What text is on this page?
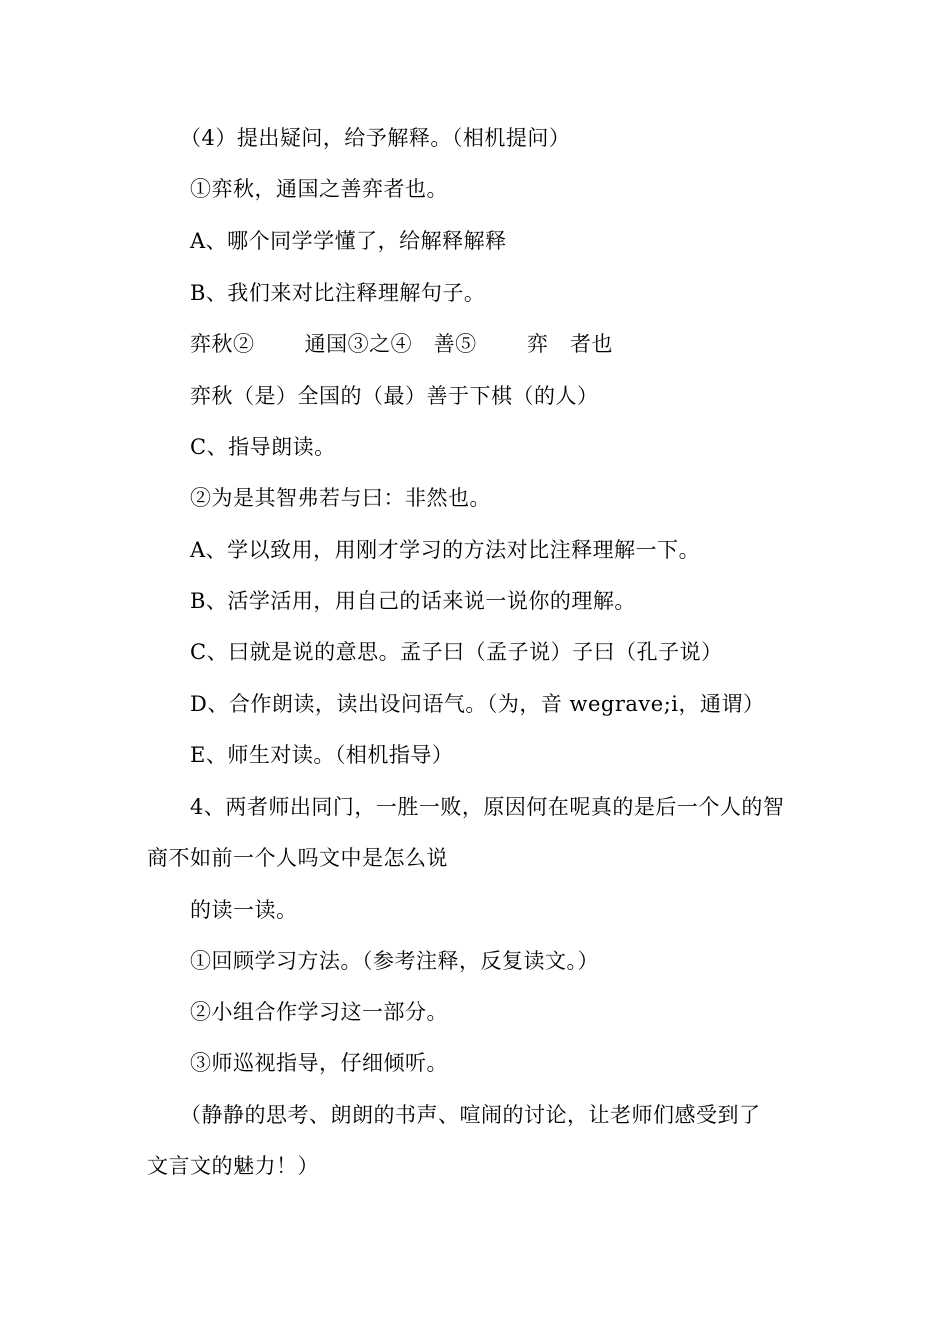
（4）提出疑问，给予解释。（相机提问）
①弈秋，通国之善弈者也。
A、哪个同学学懂了，给解释解释
B、我们来对比注释理解句子。
弈秋②　　 通国③之④　善⑤　　 弈　者也
弈秋（是）全国的（最）善于下棋（的人）
C、指导朗读。
②为是其智弗若与曰：非然也。
A、学以致用，用刚才学习的方法对比注释理解一下。
B、活学活用，用自己的话来说一说你的理解。
C、曰就是说的意思。孟子曰（孟子说）子曰（孔子说）
D、合作朗读，读出设问语气。（为，音 wegrave;i，通谓）
E、师生对读。（相机指导）
4、两者师出同门，一胜一败，原因何在呢真的是后一个人的智
商不如前一个人吗文中是怎么说
的读一读。
①回顾学习方法。（参考注释，反复读文。）
②小组合作学习这一部分。
③师巡视指导，仔细倾听。
（静静的思考、朗朗的书声、喧闹的讨论，让老师们感受到了
文言文的魅力！）
